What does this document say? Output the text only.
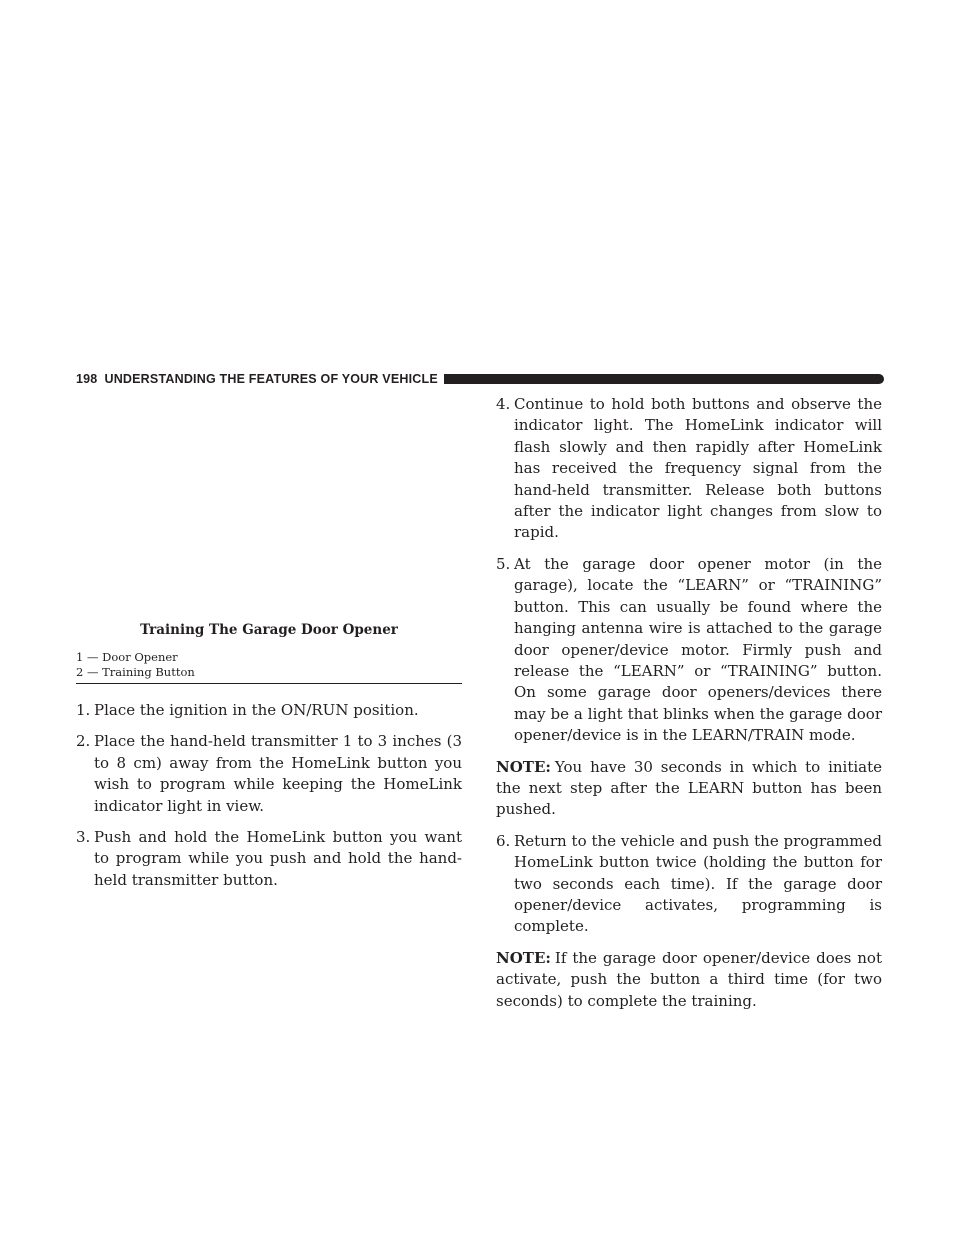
198 UNDERSTANDING THE FEATURES OF YOUR VEHICLE
Training The Garage Door Opener
1 — Door Opener
2 — Training Button
1. Place the ignition in the ON/RUN position.
2. Place the hand-held transmitter 1 to 3 inches (3 to 8 cm) away from the HomeLink button you wish to program while keeping the HomeLink indicator light in view.
3. Push and hold the HomeLink button you want to program while you push and hold the hand-held transmitter button.
4. Continue to hold both buttons and observe the indicator light. The HomeLink indicator will flash slowly and then rapidly after HomeLink has received the frequency signal from the hand-held transmitter. Release both buttons after the indicator light changes from slow to rapid.
5. At the garage door opener motor (in the garage), locate the “LEARN” or “TRAINING” button. This can usually be found where the hanging antenna wire is attached to the garage door opener/device motor. Firmly push and release the “LEARN” or “TRAINING” button. On some garage door openers/devices there may be a light that blinks when the garage door opener/device is in the LEARN/TRAIN mode.
NOTE: You have 30 seconds in which to initiate the next step after the LEARN button has been pushed.
6. Return to the vehicle and push the programmed HomeLink button twice (holding the button for two seconds each time). If the garage door opener/device activates, programming is complete.
NOTE: If the garage door opener/device does not activate, push the button a third time (for two seconds) to complete the training.
